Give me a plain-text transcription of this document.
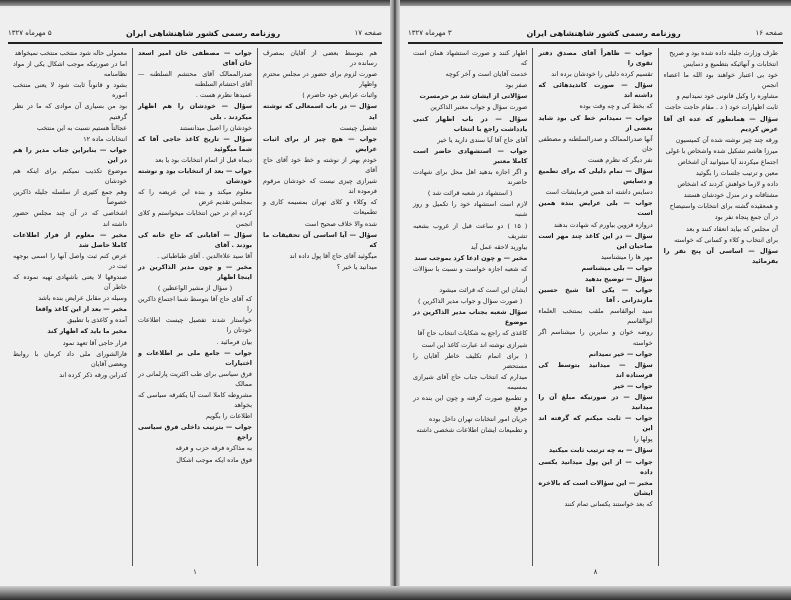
صفحه ۱۷
روزنامه رسمی کشور شاهنشاهی ایران
۵ مهرماه ۱۳۲۷

هم بتوسط بعضی از آقایان بمصرف رسانده در

صورت لزوم برای حضور در مجلس محترم واظهار

واثبات عرایض خود حاضرم )

سؤال — در باب اسمعالی که نوشته اید

تفصیل چیست

جواب — هیچ چیز از برای اثبات عرایض

خودم بهتر از نوشته و خط خود آقای حاج آقای

شیرازی چیزی نیست که خودشان مرقوم فرموده اند

که وکلاء و کلای تهران بمسیمه کاری و تطمیعات

شده والا خلاف صحیح است

سؤال — آیا اساسی آن تحقیقات ما که

میگوئید آقای حاج آقا پول داده اند

میدانید یا خیر ؟

جواب — مصطفی خان امیر اسعد خان آقای

صدرالممالک آقای محتشم السلطنه — آقای احتشام السلطنه

عمیدها نظرم هست .

سؤال — خودشان را هم اظهار میکردند . بلی

خودشان را اصیل میدانستند

سؤال — تاریخ کاغذ حاجی آقا که شما میگوئید

دیماه قبل از اتمام انتخابات بود یا بعد

جواب — بعد از انتخابات بود و نوشته خودشان

معلوم میکند و بنده این عریضه را که بمجلس تقدیم عرض

کرده ام در حین انتخابات میخواستم و کلای انجمن

سؤال — آقایانی که حاج خانه کی بودند . آقای

آقا سید علاءالدین . آقای طباطبائی .

مخبر — و چون مدیر الذاکرین در اینجا اظهار

( سؤال از مشیر الواعظین )

که آقای حاج آقا بتوسط شما اجتماع ذاکرین را

خواستار شدند تفصیل چیست اطلاعات خودتان را

بیان فرمائید .

جواب — جامع ملی بر اطلاعات و اختیارات

فرق سیاسی برای طب اکثریت پارلمانی در ممالک

مشروطه کاملا است آیا یکفرقه سیاسی که بخواهد

اطلاعات را بگویم

جواب — بترتیب داخلی فرق سیاسی راجع

به مذاکره فرقه حزب و فرقه

فوق ماده ایکه موجب اشکال

معمولی حاله شود منتخب منتخب نمیخواهد

اما در صورتیکه موجب اشکال یکی از مواد نظامنامه

بشود و قانوناً ثابت شود لا یعنی منتخب اموره

بود من بسیاری آن موادی که ما در نظر گرفتیم

عجالتاً هستیم نسبت به این منتخب

انتخابات ماده ۱۲

جواب — بنابراین جناب مدیر را هم در این

موضوع تکذیب نمیکنم برای اینکه هم خودشان

وهم جمع کثیری از سلسله جلیله ذاکرین خصوصاً

اشخاصی که در آن چند مجلس حضور داشته اند

مخبر — معلوم از فرار اطلاعات کاملا حاصل شد

عرض کنم ثبت واصل آنها را اسمی بوجهه ثبت در

صندوقها لا یعنی باشهادی تهیه نموده که خاطر آن

وسیله در مقابل عرایض بنده باشد

مخبر — بعد از این کاغذ واقعا

آمده و کاغذی با تطبیق

مخبر ما باید که اظهار کند

فرار حاجی آقا تعهد نمود

فارالشورای ملی داد کرمان با روابط وبعضی آقایان

کدرابن ورقه ذکر کرده اند

۱
صفحه ۱۶
روزنامه رسمی کشور شاهنشاهی ایران
۳ مهرماه ۱۳۲۷

طرف وزارت جلیله داده شده بود و صریح

انتخابات و آنهائیکه بتطمیع و دسایس

خود بی اعتبار خواهند بود الله ما اعضاء انجمن

مشاوره را وکیل قانونی خود نمیدانیم و

ثابت اظهارات خود ( د . مقام حاجت حاجت

سؤال — همانطور که عده ای آقا عرض کردیم

ورقه چند چیز نوشته شده آن کمیسیون

میرزا هاشم تشکیل شده واشخاص با غولی

اجتماع میکردند آیا میتوانید آن اشخاص

معین و ترتیب جلسات را بگوئید

داده و لازما خواهش کردند که اشخاص

مشتاقانه و در منزل خودشان هستند

و همعقیده گشته برای انتخابات واستیضاح

در آن جمع پنجاه نفر بود

آن مجلس که بیاید انعقاد کنند و بعد

برای انتخاب و کلاء و کسانی که خواسته

سؤال — اساسی آن پنج نفر را بفرمائید

جواب — ظاهراً آقای مصدق دفتر تقوی را

تقسیم کرده دلیلی را خودشان برده اند

سؤال — صورت کاندیدهائی که داشته اند

که بخط کی و چه وقت بوده

جواب — نمیدانم خط کی بود شاید بعضی از

آنها صدرالممالک و صدرالسلطنه و مصطفی خان

نفر دیگر که نظرم هست

سؤال — تمام دلیلی که برای تطمیع و دسایس

دسایس داشته اند همین فرمایشات است

جواب — بلی عرایض بنده همین است

دروازه قزوین بیاورم که شهادت بدهند

سؤال — در این کاغذ چند مهر است صاحبان این

مهر ها را میشناسید

جواب — بلی میشناسم

سؤال — توضیح بدهید

جواب — یکی آقا شیخ حسین مازندرانی . آقا

سید ابوالقاسم ملقب بمنتخب العلماء ابوالقاسم

روضه خوان و سایرین را میشناسم اگر خواسته

جواب — خیر نمیدانم

سؤال — میدانید بتوسط کی فرستاده اند

جواب — خیر

سؤال — در صورتیکه مبلغ آن را میدانید

جواب — ثابت میکنم که گرفته اند این

پولها را

سؤال — به چه ترتیب ثابت میکنید

جواب — از این پول میدانید بکسی داده

مخبر — این سؤالات است که بالاخره ایشان

که بعد خواستند یکسانی تمام کنند

اظهار کنند و صورت استشهاد همان است که

خدمت آقایان است و آخر کوچه

صفر بود

سؤالاتی از ایشان شد بر حرمسرت

صورت سؤال و جواب معتبر الذاکرین

سؤال — در باب اظهار کتبی یادداشت راجع با انتخاب

آقای حاج آقا آیا سندی دارید یا خیر

جواب — استشهادی حاضر است کاملا معتبر

و اگر اجازه بدهید اهل محل برای شهادت حاضرند

( استشهاد در شعبه قرائت شد )

لازم است استشهاد خود را تکمیل و روز شنبه

( ۱۵ ) دو ساعت قبل از غروب بشعبه تشریف

بیاورید لاحقه عمل آید

مخبر — و چون ادعا کرد بموجب سند

که شعبه اجازه خواست و نسبت با سؤالات از

ایشان این است که قرائت میشود

( صورت سؤال و جواب مدیر الذاکرین )

سؤال شعبه بجناب مدیر الذاکرین در موضوع

کاغذی که راجع به شکایات انتخاب حاج آقا

شیرازی نوشته اند عبارت کاغذ این است

( برای اتمام تکلیف خاطر آقایان را مستحضر

میدارم که انتخاب جناب حاج آقای شیرازی بمسیمه

و تطمیع صورت گرفته و چون این بنده در موقع

جریان امور انتخابات تهران داخل بوده

و تطمیعات ایشان اطلاعات شخصی داشته

۸
